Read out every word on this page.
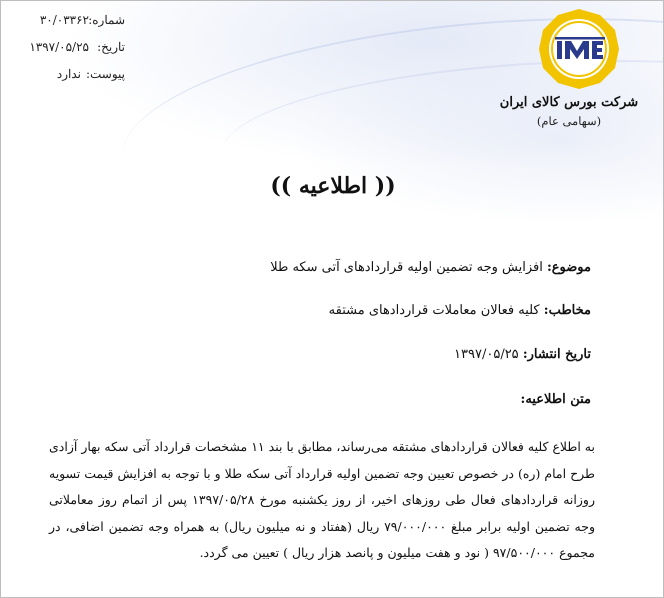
شماره:
۳۰/۰۳۳۶۲
تاریخ:
۱۳۹۷/۰۵/۲۵
پیوست:
ندارد
شرکت بورس کالای ایران
(سهامی عام)
(( اطلاعیه ))
موضوع: افزایش وجه تضمین اولیه قراردادهای آتی سکه طلا
مخاطب: کلیه فعالان معاملات قراردادهای مشتقه
تاریخ انتشار: ۱۳۹۷/۰۵/۲۵
متن اطلاعیه:
به اطلاع کلیه فعالان قراردادهای مشتقه می‌رساند، مطابق با بند ۱۱ مشخصات قرارداد آتی سکه بهار آزادی طرح امام (ره) در خصوص تعیین وجه تضمین اولیه قرارداد آتی سکه طلا و با توجه به افزایش قیمت تسویه روزانه قراردادهای فعال طی روزهای اخیر، از روز یکشنبه مورخ ۱۳۹۷/۰۵/۲۸ پس از اتمام روز معاملاتی وجه تضمین اولیه برابر مبلغ ۷۹/۰۰۰/۰۰۰ ریال (هفتاد و نه میلیون ریال) به همراه وجه تضمین اضافی، در مجموع ۹۷/۵۰۰/۰۰۰ ( نود و هفت میلیون و پانصد هزار ریال ) تعیین می گردد.
